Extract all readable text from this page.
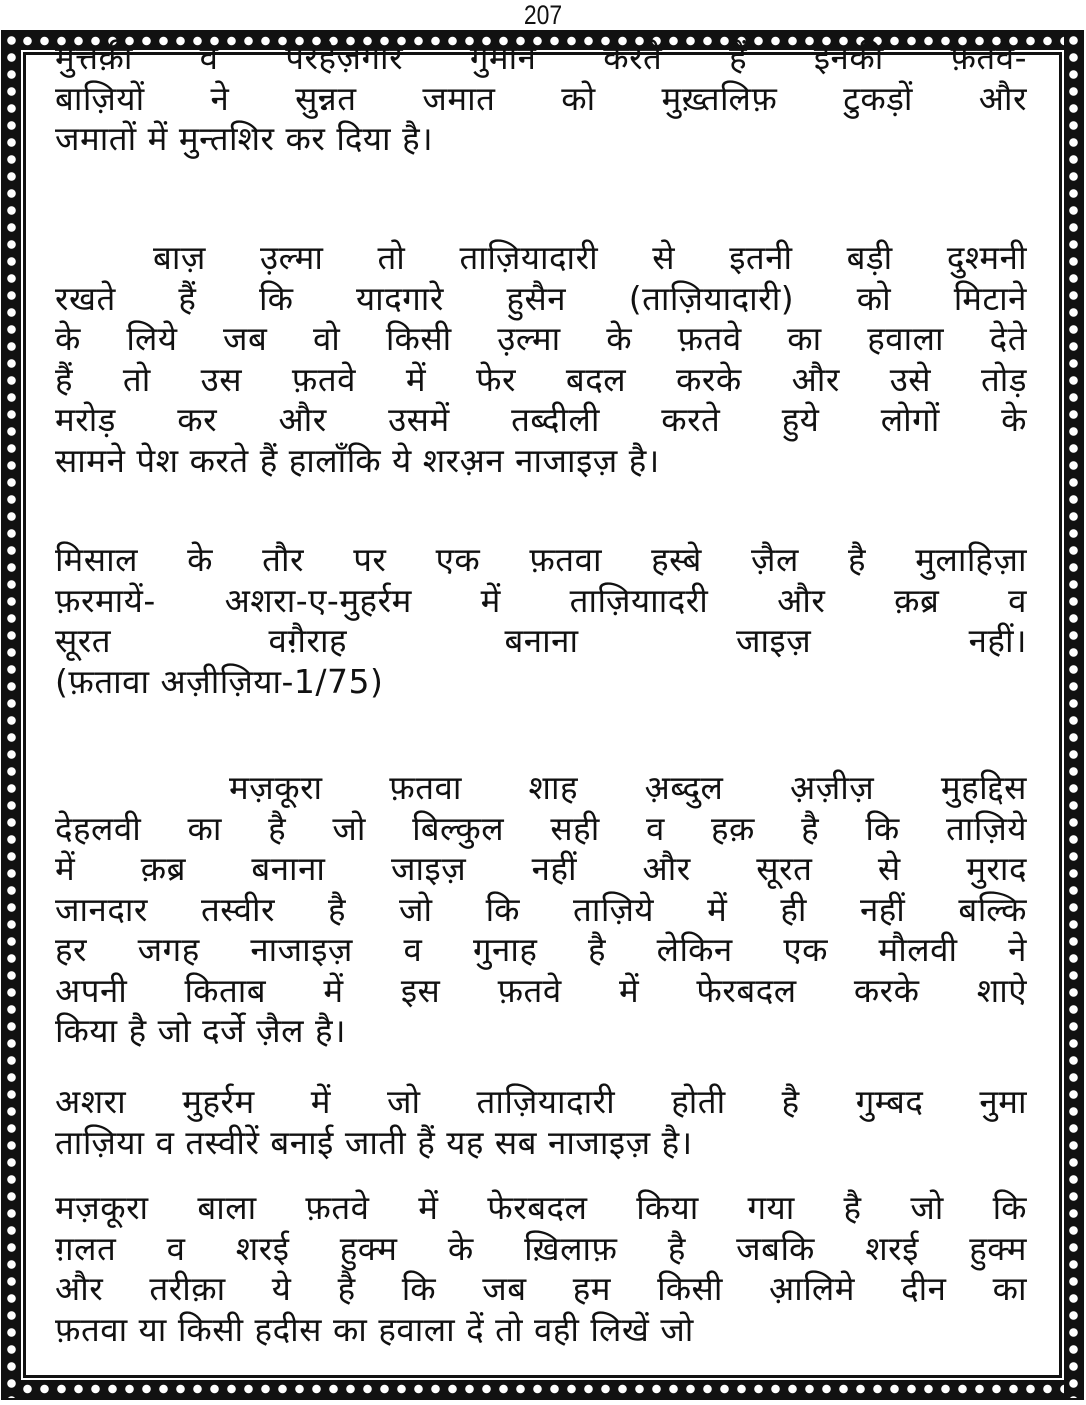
207
मुत्तक़ी व परहेज़गार गुमान करते हैं इनकी फ़तवे-
बाज़ियों ने सुन्नत जमात को मुख़्तलिफ़ टुकड़ों और
जमातों में मुन्तशिर कर दिया है।
बाज़ उ़ल्मा तो ताज़ियादारी से इतनी बड़ी दुश्मनी
रखते हैं कि यादगारे हुसैन (ताज़ियादारी) को मिटाने
के लिये जब वो किसी उ़ल्मा के फ़तवे का हवाला देते
हैं तो उस फ़तवे में फेर बदल करके और उसे तोड़
मरोड़ कर और उसमें तब्दीली करते हुये लोगों के
सामने पेश करते हैं हालाँकि ये शरअ़न नाजाइज़ है।
मिसाल के तौर पर एक फ़तवा हस्बे ज़ैल है मुलाहिज़ा
फ़रमायें- अशरा-ए-मुहर्रम में ताज़ियाादरी और क़ब्र व
सूरत वग़ैराह बनाना जाइज़ नहीं।
(फ़तावा अज़ीज़िया-1/75)
मज़कूरा फ़तवा शाह अ़ब्दुल अ़ज़ीज़ मुहद्दिस
देहलवी का है जो बिल्कुल सही व हक़ है कि ताज़िये
में क़ब्र बनाना जाइज़ नहीं और सूरत से मुराद
जानदार तस्वीर है जो कि ताज़िये में ही नहीं बल्कि
हर जगह नाजाइज़ व गुनाह है लेकिन एक मौलवी ने
अपनी किताब में इस फ़तवे में फेरबदल करके शाऐ
किया है जो दर्जे ज़ैल है।
अशरा मुहर्रम में जो ताज़ियादारी होती है गुम्बद नुमा
ताज़िया व तस्वीरें बनाई जाती हैं यह सब नाजाइज़ है।
मज़कूरा बाला फ़तवे में फेरबदल किया गया है जो कि
ग़लत व शरई हुक्म के ख़िलाफ़ है जबकि शरई हुक्म
और तरीक़ा ये है कि जब हम किसी आ़लिमे दीन का
फ़तवा या किसी हदीस का हवाला दें तो वही लिखें जो
